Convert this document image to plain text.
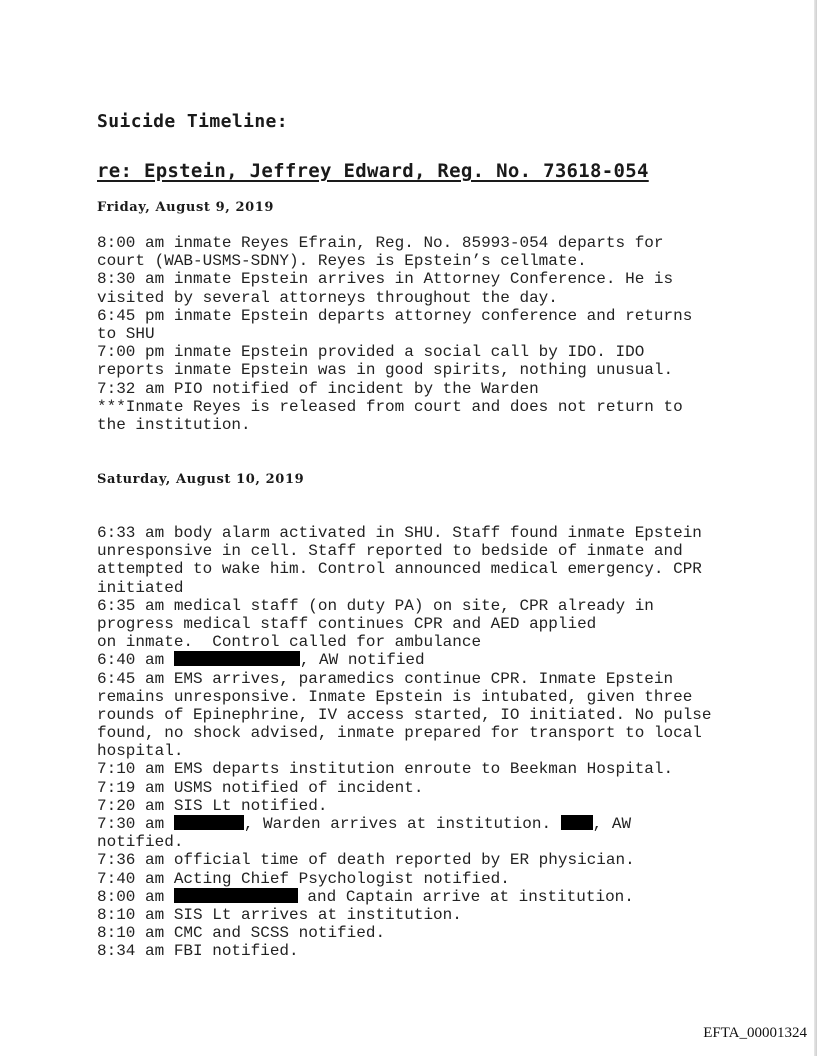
Suicide Timeline:
re: Epstein, Jeffrey Edward, Reg. No. 73618-054
Friday, August 9, 2019
8:00 am inmate Reyes Efrain, Reg. No. 85993-054 departs for
court (WAB-USMS-SDNY). Reyes is Epstein’s cellmate.
8:30 am inmate Epstein arrives in Attorney Conference. He is
visited by several attorneys throughout the day.
6:45 pm inmate Epstein departs attorney conference and returns
to SHU
7:00 pm inmate Epstein provided a social call by IDO. IDO
reports inmate Epstein was in good spirits, nothing unusual.
7:32 am PIO notified of incident by the Warden
***Inmate Reyes is released from court and does not return to
the institution.
Saturday, August 10, 2019
6:33 am body alarm activated in SHU. Staff found inmate Epstein
unresponsive in cell. Staff reported to bedside of inmate and
attempted to wake him. Control announced medical emergency. CPR
initiated
6:35 am medical staff (on duty PA) on site, CPR already in
progress medical staff continues CPR and AED applied
on inmate.  Control called for ambulance
6:40 am	, AW notified
6:45 am EMS arrives, paramedics continue CPR. Inmate Epstein
remains unresponsive. Inmate Epstein is intubated, given three
rounds of Epinephrine, IV access started, IO initiated. No pulse
found, no shock advised, inmate prepared for transport to local
hospital.
7:10 am EMS departs institution enroute to Beekman Hospital.
7:19 am USMS notified of incident.
7:20 am SIS Lt notified.
7:30 am	, Warden arrives at institution. , AW
notified.
7:36 am official time of death reported by ER physician.
7:40 am Acting Chief Psychologist notified.
8:00 am	and Captain arrive at institution.
8:10 am SIS Lt arrives at institution.
8:10 am CMC and SCSS notified.
8:34 am FBI notified.
EFTA_00001324
